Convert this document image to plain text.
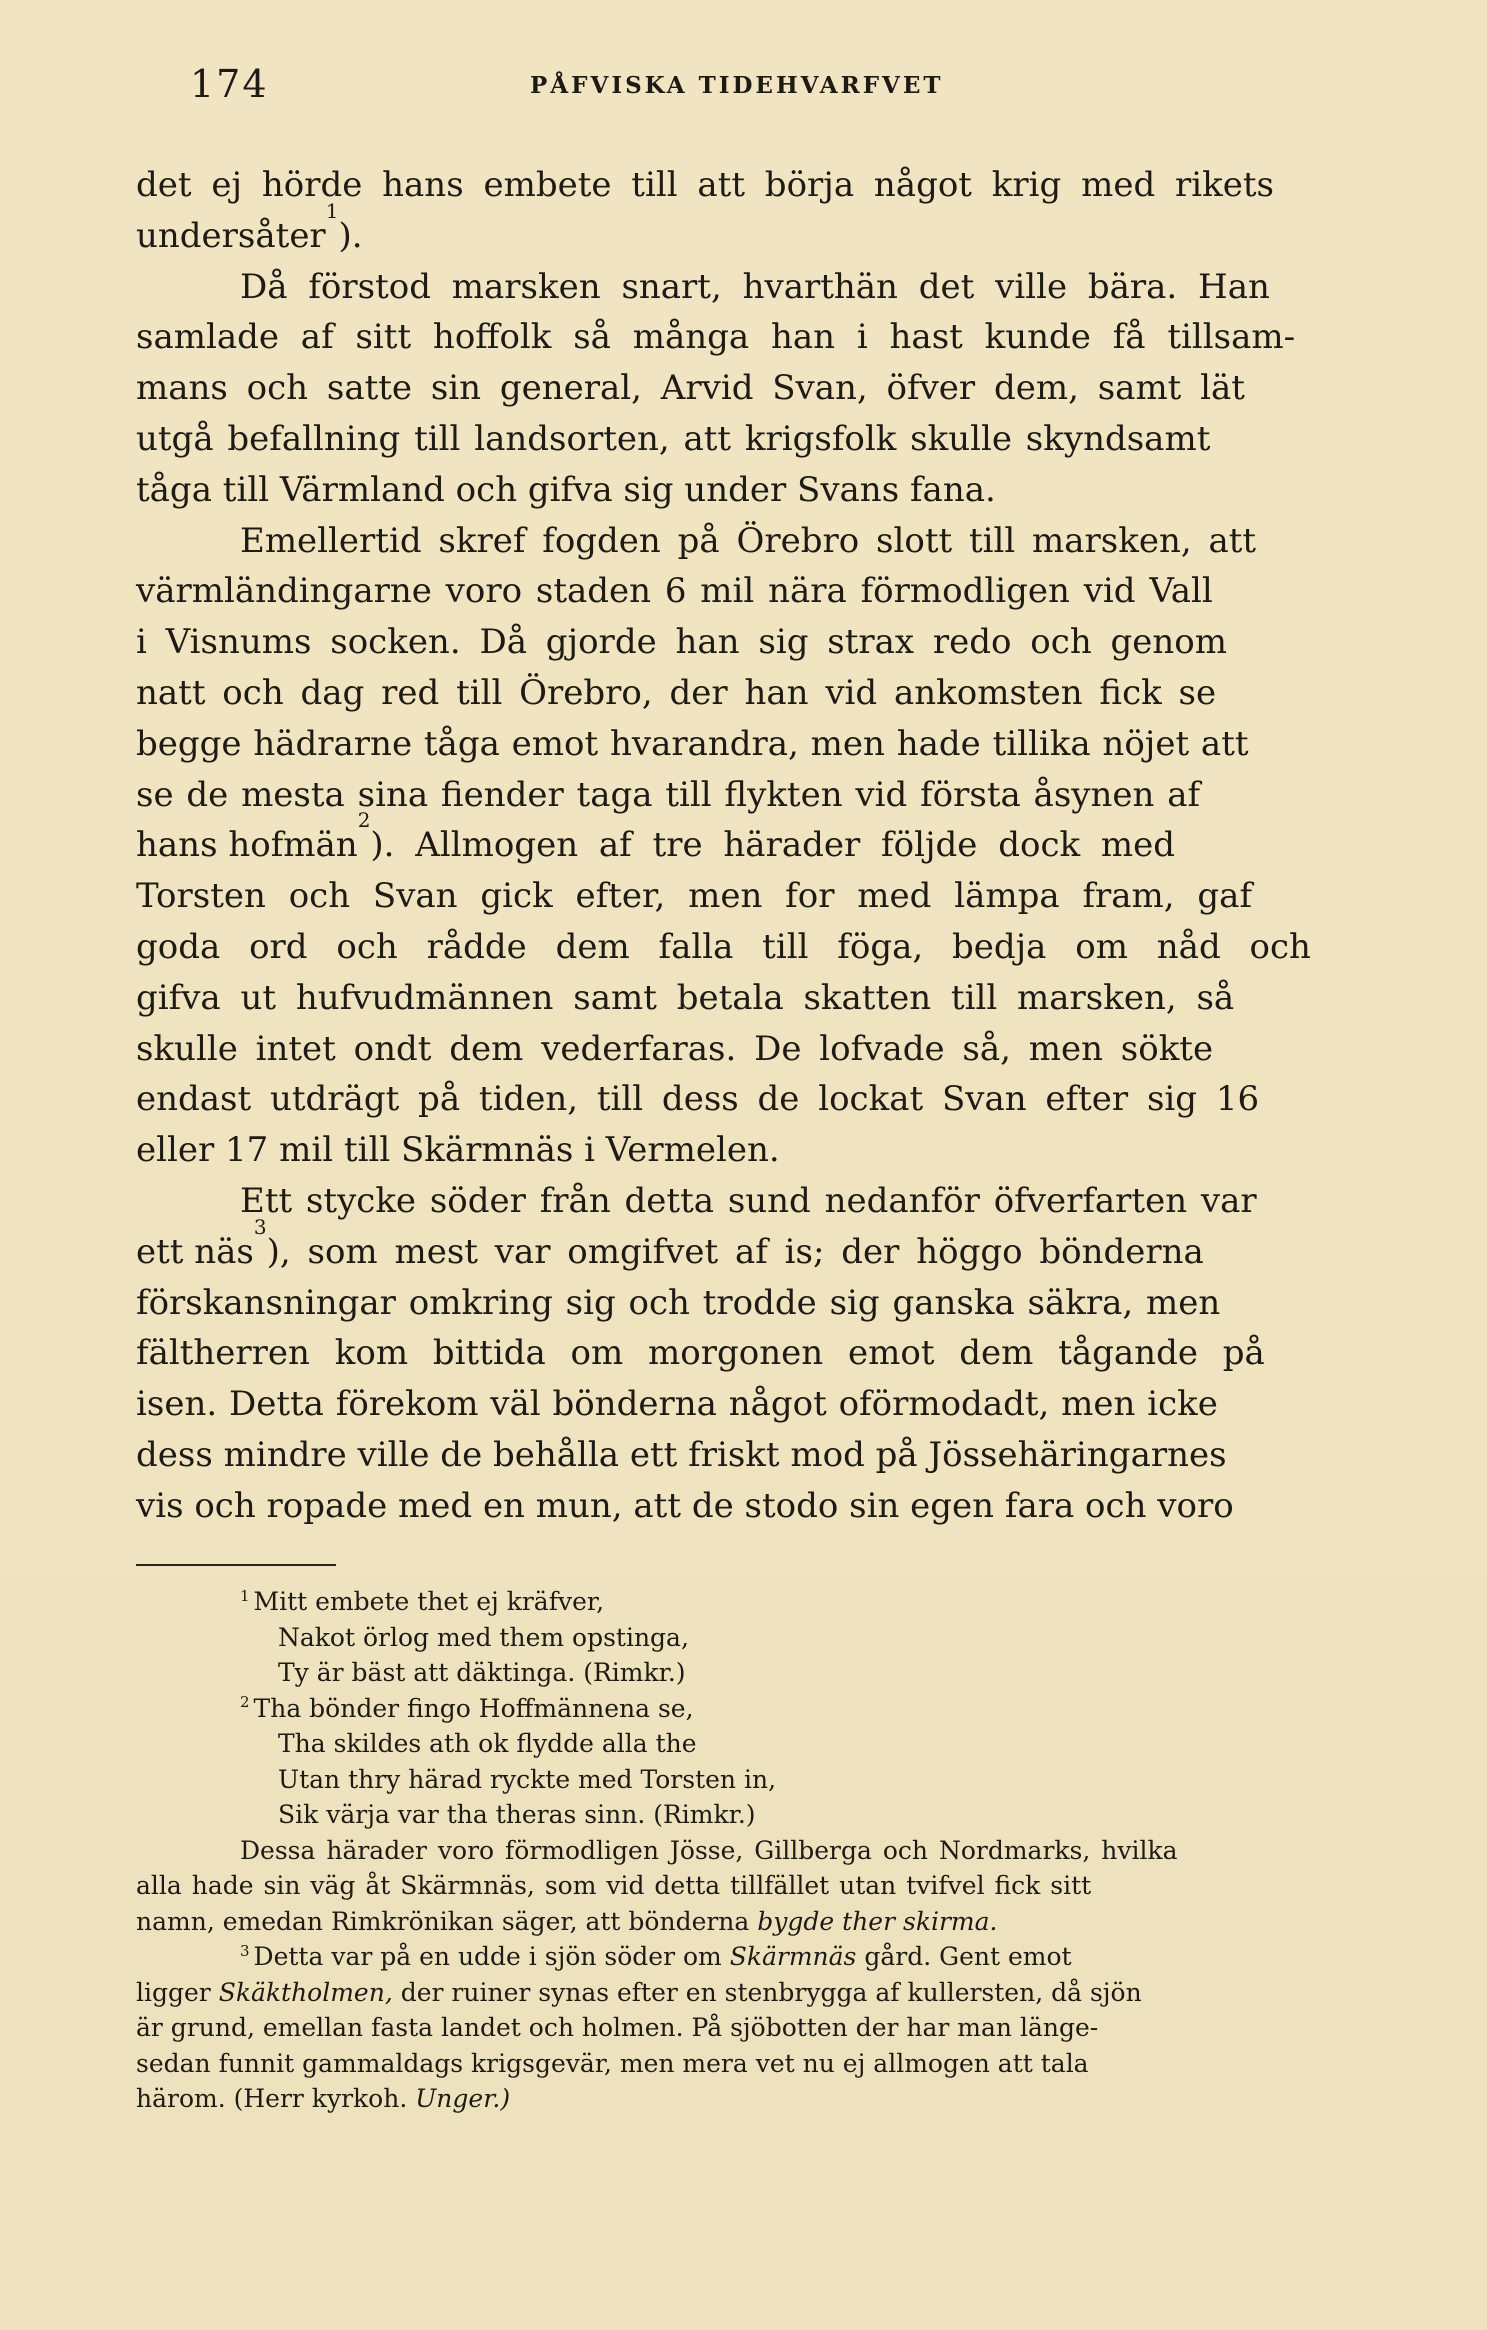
174	PÅFVISKA TIDEHVARFVET
det ej hörde hans embete till att börja något krig med rikets
undersåter
1
).
Då förstod marsken snart, hvarthän det ville bära. Han
samlade af sitt hoffolk så många han i hast kunde få tillsam-
mans och satte sin general, Arvid Svan, öfver dem, samt lät
utgå befallning till landsorten, att krigsfolk skulle skyndsamt
tåga till Värmland och gifva sig under Svans fana.
Emellertid skref fogden på Örebro slott till marsken, att
värmländingarne voro staden 6 mil nära förmodligen vid Vall
i Visnums socken. Då gjorde han sig strax redo och genom
natt och dag red till Örebro, der han vid ankomsten fick se
begge hädrarne tåga emot hvarandra, men hade tillika nöjet att
se de mesta sina fiender taga till flykten vid första åsynen af
hans hofmän
2
). Allmogen af tre härader följde dock med
Torsten och Svan gick efter, men for med lämpa fram, gaf
goda ord och rådde dem falla till föga, bedja om nåd och
gifva ut hufvudmännen samt betala skatten till marsken, så
skulle intet ondt dem vederfaras. De lofvade så, men sökte
endast utdrägt på tiden, till dess de lockat Svan efter sig 16
eller 17 mil till Skärmnäs i Vermelen.
Ett stycke söder från detta sund nedanför öfverfarten var
ett näs
3
), som mest var omgifvet af is; der höggo bönderna
förskansningar omkring sig och trodde sig ganska säkra, men
fältherren kom bittida om morgonen emot dem tågande på
isen. Detta förekom väl bönderna något oförmodadt, men icke
dess mindre ville de behålla ett friskt mod på Jössehäringarnes
vis och ropade med en mun, att de stodo sin egen fara och voro
$^1$ Mitt embete thet ej kräfver,
Nakot örlog med them opstinga,
Ty är bäst att däktinga. (Rimkr.)
$^2$ Tha bönder fingo Hoffmännena se,
Tha skildes ath ok flydde alla the
Utan thry härad ryckte med Torsten in,
Sik värja var tha theras sinn. (Rimkr.)
Dessa härader voro förmodligen Jösse, Gillberga och Nordmarks, hvilka
alla hade sin väg åt Skärmnäs, som vid detta tillfället utan tvifvel fick sitt
namn, emedan Rimkrönikan säger, att bönderna bygde ther skirma.
$^3$ Detta var på en udde i sjön söder om Skärmnäs gård. Gent emot
ligger Skäktholmen, der ruiner synas efter en stenbrygga af kullersten, då sjön
är grund, emellan fasta landet och holmen. På sjöbotten der har man länge-
sedan funnit gammaldags krigsgevär, men mera vet nu ej allmogen att tala
härom. (Herr kyrkoh. Unger.)
